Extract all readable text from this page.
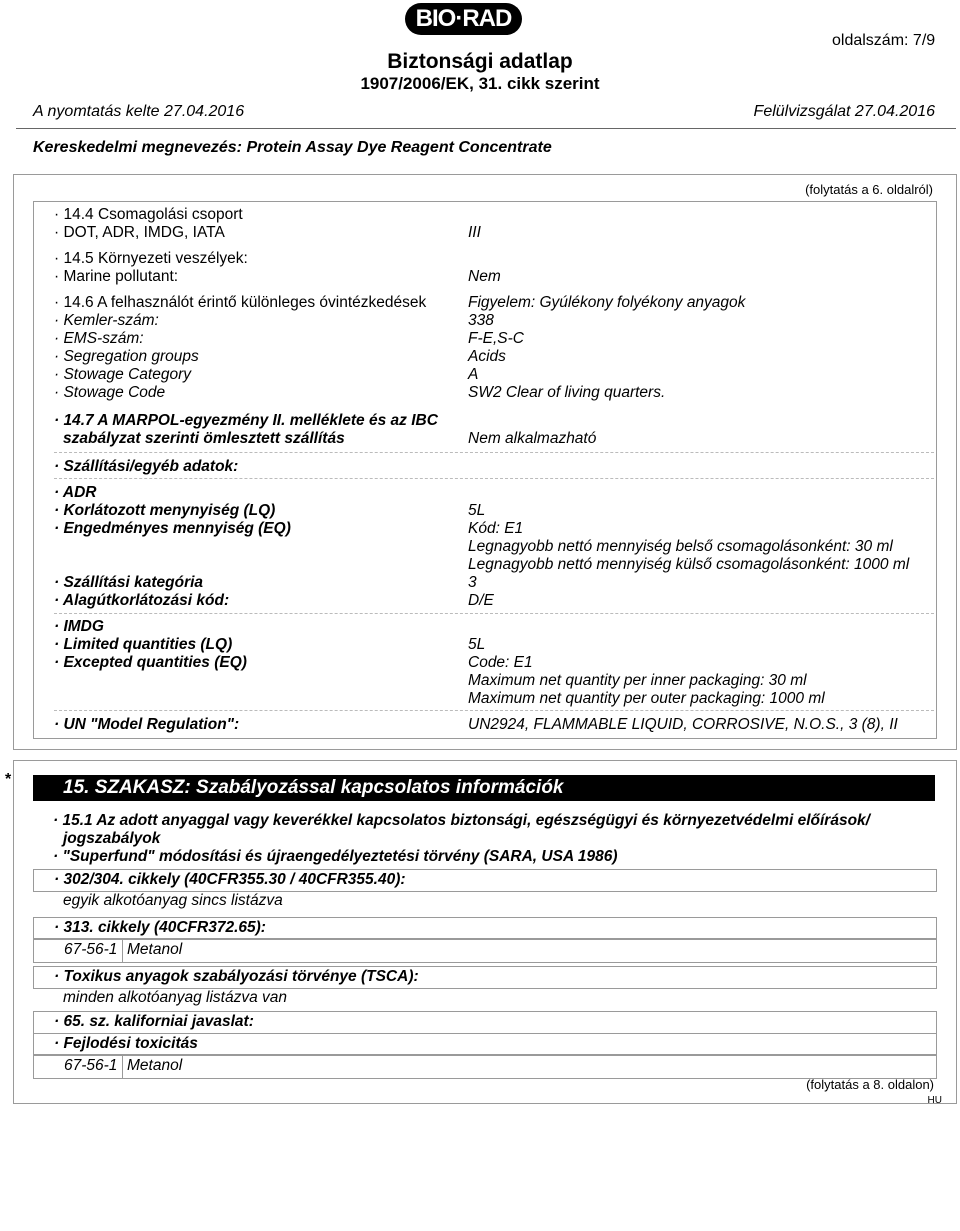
BIO·RAD
Biztonsági adatlap
1907/2006/EK, 31. cikk szerint
oldalszám: 7/9
A nyomtatás kelte 27.04.2016	Felülvizsgálat 27.04.2016
Kereskedelmi megnevezés: Protein Assay Dye Reagent Concentrate
(folytatás a 6. oldalról)
· 14.4 Csomagolási csoport
· DOT, ADR, IMDG, IATA	III
· 14.5 Környezeti veszélyek:
· Marine pollutant:	Nem
· 14.6 A felhasználót érintő különleges óvintézkedések	Figyelem: Gyúlékony folyékony anyagok
· Kemler-szám:	338
· EMS-szám:	F-E,S-C
· Segregation groups	Acids
· Stowage Category	A
· Stowage Code	SW2 Clear of living quarters.
· 14.7 A MARPOL-egyezmény II. melléklete és az IBC
szabályzat szerinti ömlesztett szállítás	Nem alkalmazható
· Szállítási/egyéb adatok:
· ADR
· Korlátozott menynyiség (LQ)	5L
· Engedményes mennyiség (EQ)	Kód: E1
Legnagyobb nettó mennyiség belső csomagolásonként: 30 ml
Legnagyobb nettó mennyiség külső csomagolásonként: 1000 ml
· Szállítási kategória	3
· Alagútkorlátozási kód:	D/E
· IMDG
· Limited quantities (LQ)	5L
· Excepted quantities (EQ)	Code: E1
Maximum net quantity per inner packaging: 30 ml
Maximum net quantity per outer packaging: 1000 ml
· UN "Model Regulation":	UN2924, FLAMMABLE LIQUID, CORROSIVE, N.O.S., 3 (8), II
*	15. SZAKASZ: Szabályozással kapcsolatos információk
· 15.1 Az adott anyaggal vagy keverékkel kapcsolatos biztonsági, egészségügyi és környezetvédelmi előírások/
jogszabályok
· "Superfund" módosítási és újraengedélyeztetési törvény (SARA, USA 1986)
· 302/304. cikkely (40CFR355.30 / 40CFR355.40):
egyik alkotóanyag sincs listázva
· 313. cikkely (40CFR372.65):
67-56-1 Metanol
· Toxikus anyagok szabályozási törvénye (TSCA):
minden alkotóanyag listázva van
· 65. sz. kaliforniai javaslat:
· Fejlodési toxicitás
67-56-1 Metanol
(folytatás a 8. oldalon)
HU
